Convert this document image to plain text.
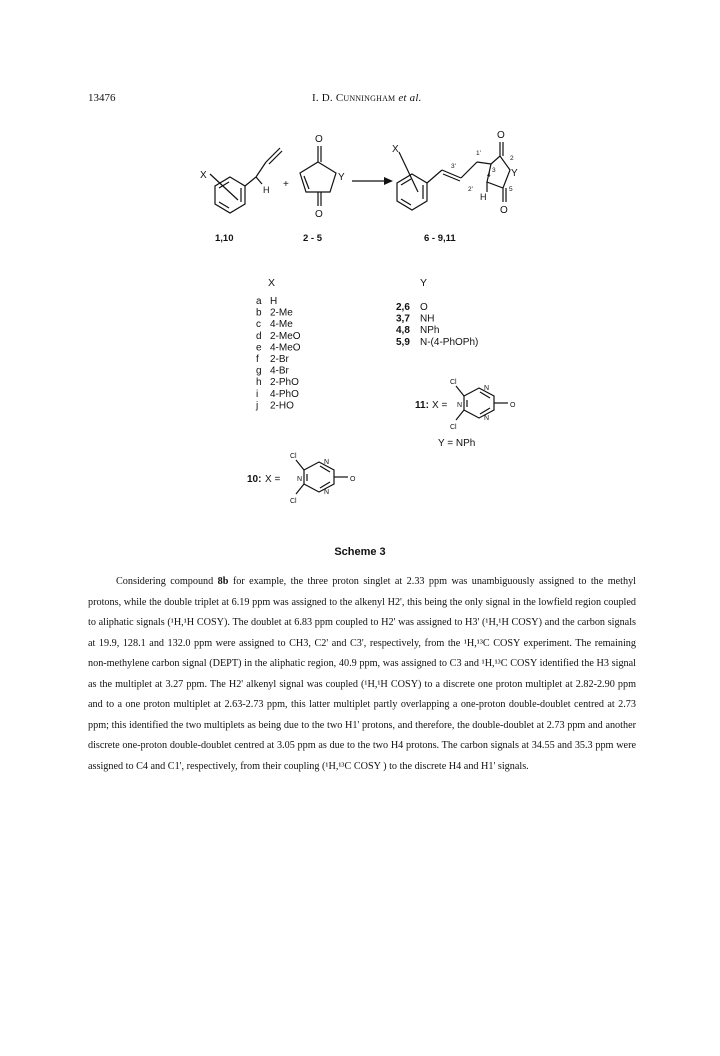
13476	I. D. Cunningham et al.
X
H +
O
Y
O
X
O
Y
O
H
3'
1'
2'
3
2
4
5
1,10	2 - 5	6 - 9,11
X	Y
a H
b 2-Me
c 4-Me
d 2-MeO
e 4-MeO
f 2-Br
g 4-Br
h 2-PhO
i 4-PhO
j 2-HO
2,6 O
3,7 NH
4,8 NPh
5,9 N-(4-PhOPh)
11: X =
Cl
N
N	O
N
Cl
Y = NPh
10: X =
Cl
N
N	O
N
Cl
Scheme 3

Considering compound 8b for example, the three proton singlet at 2.33 ppm was unambiguously assigned to the methyl protons, while the double triplet at 6.19 ppm was assigned to the alkenyl H2', this being the only signal in the lowfield region coupled to aliphatic signals (¹H,¹H COSY). The doublet at 6.83 ppm coupled to H2' was assigned to H3' (¹H,¹H COSY) and the carbon signals at 19.9, 128.1 and 132.0 ppm were assigned to CH3, C2' and C3', respectively, from the ¹H,¹³C COSY experiment. The remaining non-methylene carbon signal (DEPT) in the aliphatic region, 40.9 ppm, was assigned to C3 and ¹H,¹³C COSY identified the H3 signal as the multiplet at 3.27 ppm. The H2' alkenyl signal was coupled (¹H,¹H COSY) to a discrete one proton multiplet at 2.82-2.90 ppm and to a one proton multiplet at 2.63-2.73 ppm, this latter multiplet partly overlapping a one-proton double-doublet centred at 2.73 ppm; this identified the two multiplets as being due to the two H1' protons, and therefore, the double-doublet at 2.73 ppm and another discrete one-proton double-doublet centred at 3.05 ppm as due to the two H4 protons. The carbon signals at 34.55 and 35.3 ppm were assigned to C4 and C1', respectively, from their coupling (¹H,¹³C COSY ) to the discrete H4 and H1' signals.
